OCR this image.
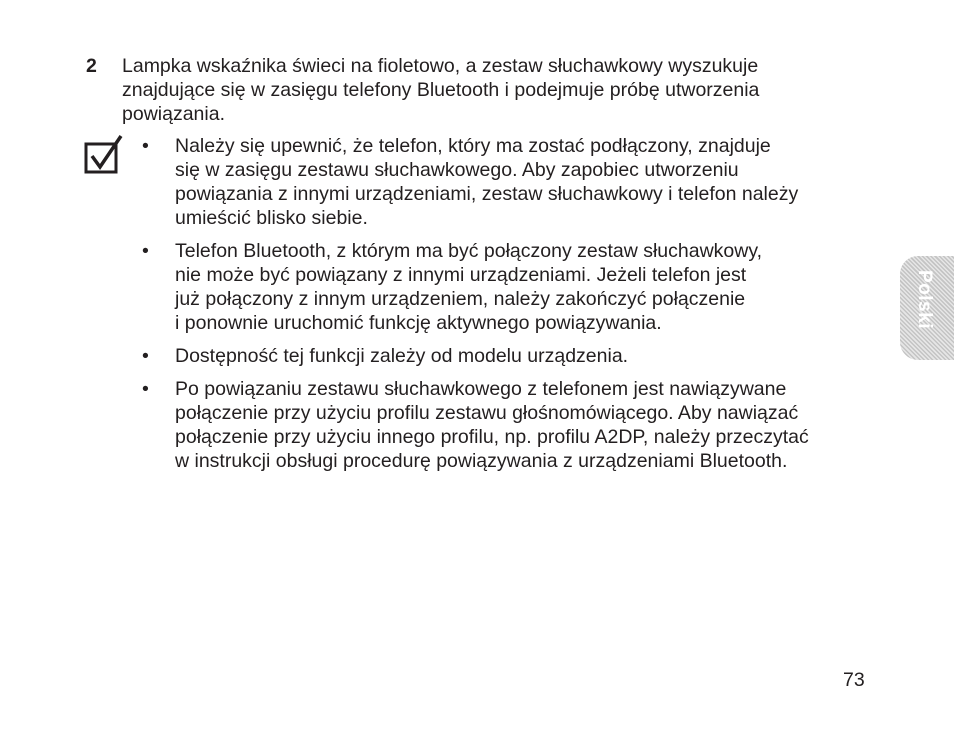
2 Lampka wskaźnika świeci na fioletowo, a zestaw słuchawkowy wyszukuje
znajdujące się w zasięgu telefony Bluetooth i podejmuje próbę utworzenia
powiązania.
• Należy się upewnić, że telefon, który ma zostać podłączony, znajduje
się w zasięgu zestawu słuchawkowego. Aby zapobiec utworzeniu
powiązania z innymi urządzeniami, zestaw słuchawkowy i telefon należy
umieścić blisko siebie.
• Telefon Bluetooth, z którym ma być połączony zestaw słuchawkowy,
nie może być powiązany z innymi urządzeniami. Jeżeli telefon jest
już połączony z innym urządzeniem, należy zakończyć połączenie
i ponownie uruchomić funkcję aktywnego powiązywania.
• Dostępność tej funkcji zależy od modelu urządzenia.
• Po powiązaniu zestawu słuchawkowego z telefonem jest nawiązywane
połączenie przy użyciu profilu zestawu głośnomówiącego. Aby nawiązać
połączenie przy użyciu innego profilu, np. profilu A2DP, należy przeczytać
w instrukcji obsługi procedurę powiązywania z urządzeniami Bluetooth.
Polski
73
